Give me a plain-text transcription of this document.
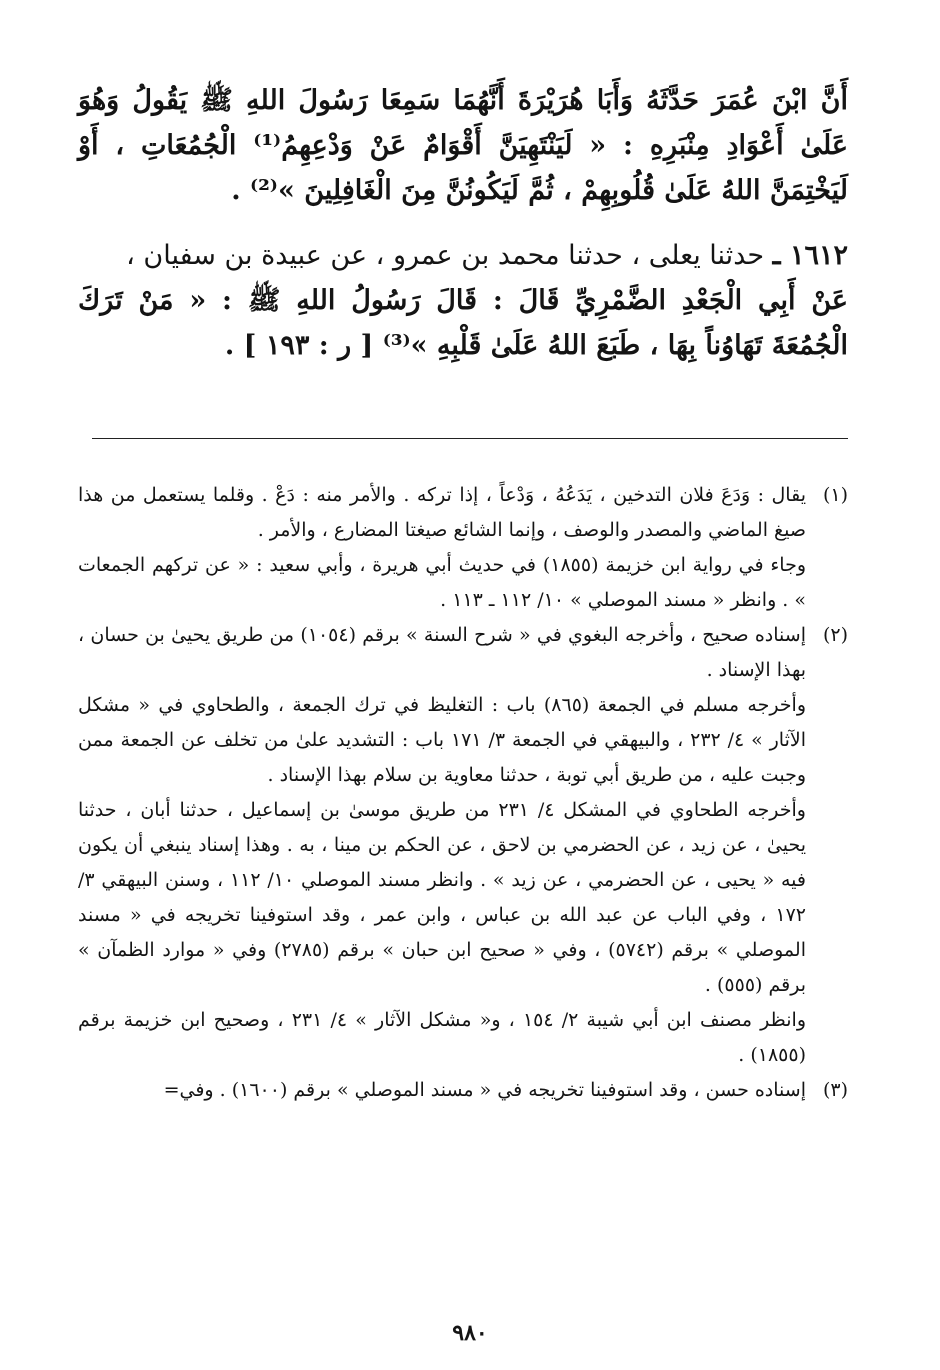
أَنَّ ابْنَ عُمَرَ حَدَّثَهُ وَأَبَا هُرَيْرَةَ أَنَّهُمَا سَمِعَا رَسُولَ اللهِ ﷺ يَقُولُ وَهُوَ عَلَىٰ أَعْوَادِ مِنْبَرِهِ : « لَيَنْتَهِيَنَّ أَقْوَامٌ عَنْ وَدْعِهِمُ⁽¹⁾ الْجُمُعَاتِ ، أَوْ لَيَخْتِمَنَّ اللهُ عَلَىٰ قُلُوبِهِمْ ، ثُمَّ لَيَكُونُنَّ مِنَ الْغَافِلِينَ »⁽²⁾ .

١٦١٢ ـ حدثنا يعلى ، حدثنا محمد بن عمرو ، عن عبيدة بن سفيان ،

عَنْ أَبِي الْجَعْدِ الضَّمْرِيِّ قَالَ : قَالَ رَسُولُ اللهِ ﷺ : « مَنْ تَرَكَ الْجُمُعَةَ تَهَاوُناً بِهَا ، طَبَعَ اللهُ عَلَىٰ قَلْبِهِ »⁽³⁾ [ ر : ١٩٣ ] .

(١)

يقال : وَدَعَ فلان التدخين ، يَدَعُهُ ، وَدْعاً ، إذا تركه . والأمر منه : دَعْ . وقلما يستعمل من هذا صيغ الماضي والمصدر والوصف ، وإنما الشائع صيغتا المضارع ، والأمر .

وجاء في رواية ابن خزيمة (١٨٥٥) في حديث أبي هريرة ، وأبي سعيد : « عن تركهم الجمعات » . وانظر « مسند الموصلي » ١٠/ ١١٢ ـ ١١٣ .

(٢)

إسناده صحيح ، وأخرجه البغوي في « شرح السنة » برقم (١٠٥٤) من طريق يحيىٰ بن حسان ، بهذا الإسناد .

وأخرجه مسلم في الجمعة (٨٦٥) باب : التغليظ في ترك الجمعة ، والطحاوي في « مشكل الآثار » ٤/ ٢٣٢ ، والبيهقي في الجمعة ٣/ ١٧١ باب : التشديد علىٰ من تخلف عن الجمعة ممن وجبت عليه ، من طريق أبي توبة ، حدثنا معاوية بن سلام بهذا الإسناد .

وأخرجه الطحاوي في المشكل ٤/ ٢٣١ من طريق موسىٰ بن إسماعيل ، حدثنا أبان ، حدثنا يحيىٰ ، عن زيد ، عن الحضرمي بن لاحق ، عن الحكم بن مينا ، به . وهذا إسناد ينبغي أن يكون فيه « يحيى ، عن الحضرمي ، عن زيد » . وانظر مسند الموصلي ١٠/ ١١٢ ، وسنن البيهقي ٣/ ١٧٢ ، وفي الباب عن عبد الله بن عباس ، وابن عمر ، وقد استوفينا تخريجه في « مسند الموصلي » برقم (٥٧٤٢) ، وفي « صحيح ابن حبان » برقم (٢٧٨٥) وفي « موارد الظمآن » برقم (٥٥٥) .

وانظر مصنف ابن أبي شيبة ٢/ ١٥٤ ، و« مشكل الآثار » ٤/ ٢٣١ ، وصحيح ابن خزيمة برقم (١٨٥٥) .

(٣)

إسناده حسن ، وقد استوفينا تخريجه في « مسند الموصلي » برقم (١٦٠٠) . وفي=

٩٨٠
